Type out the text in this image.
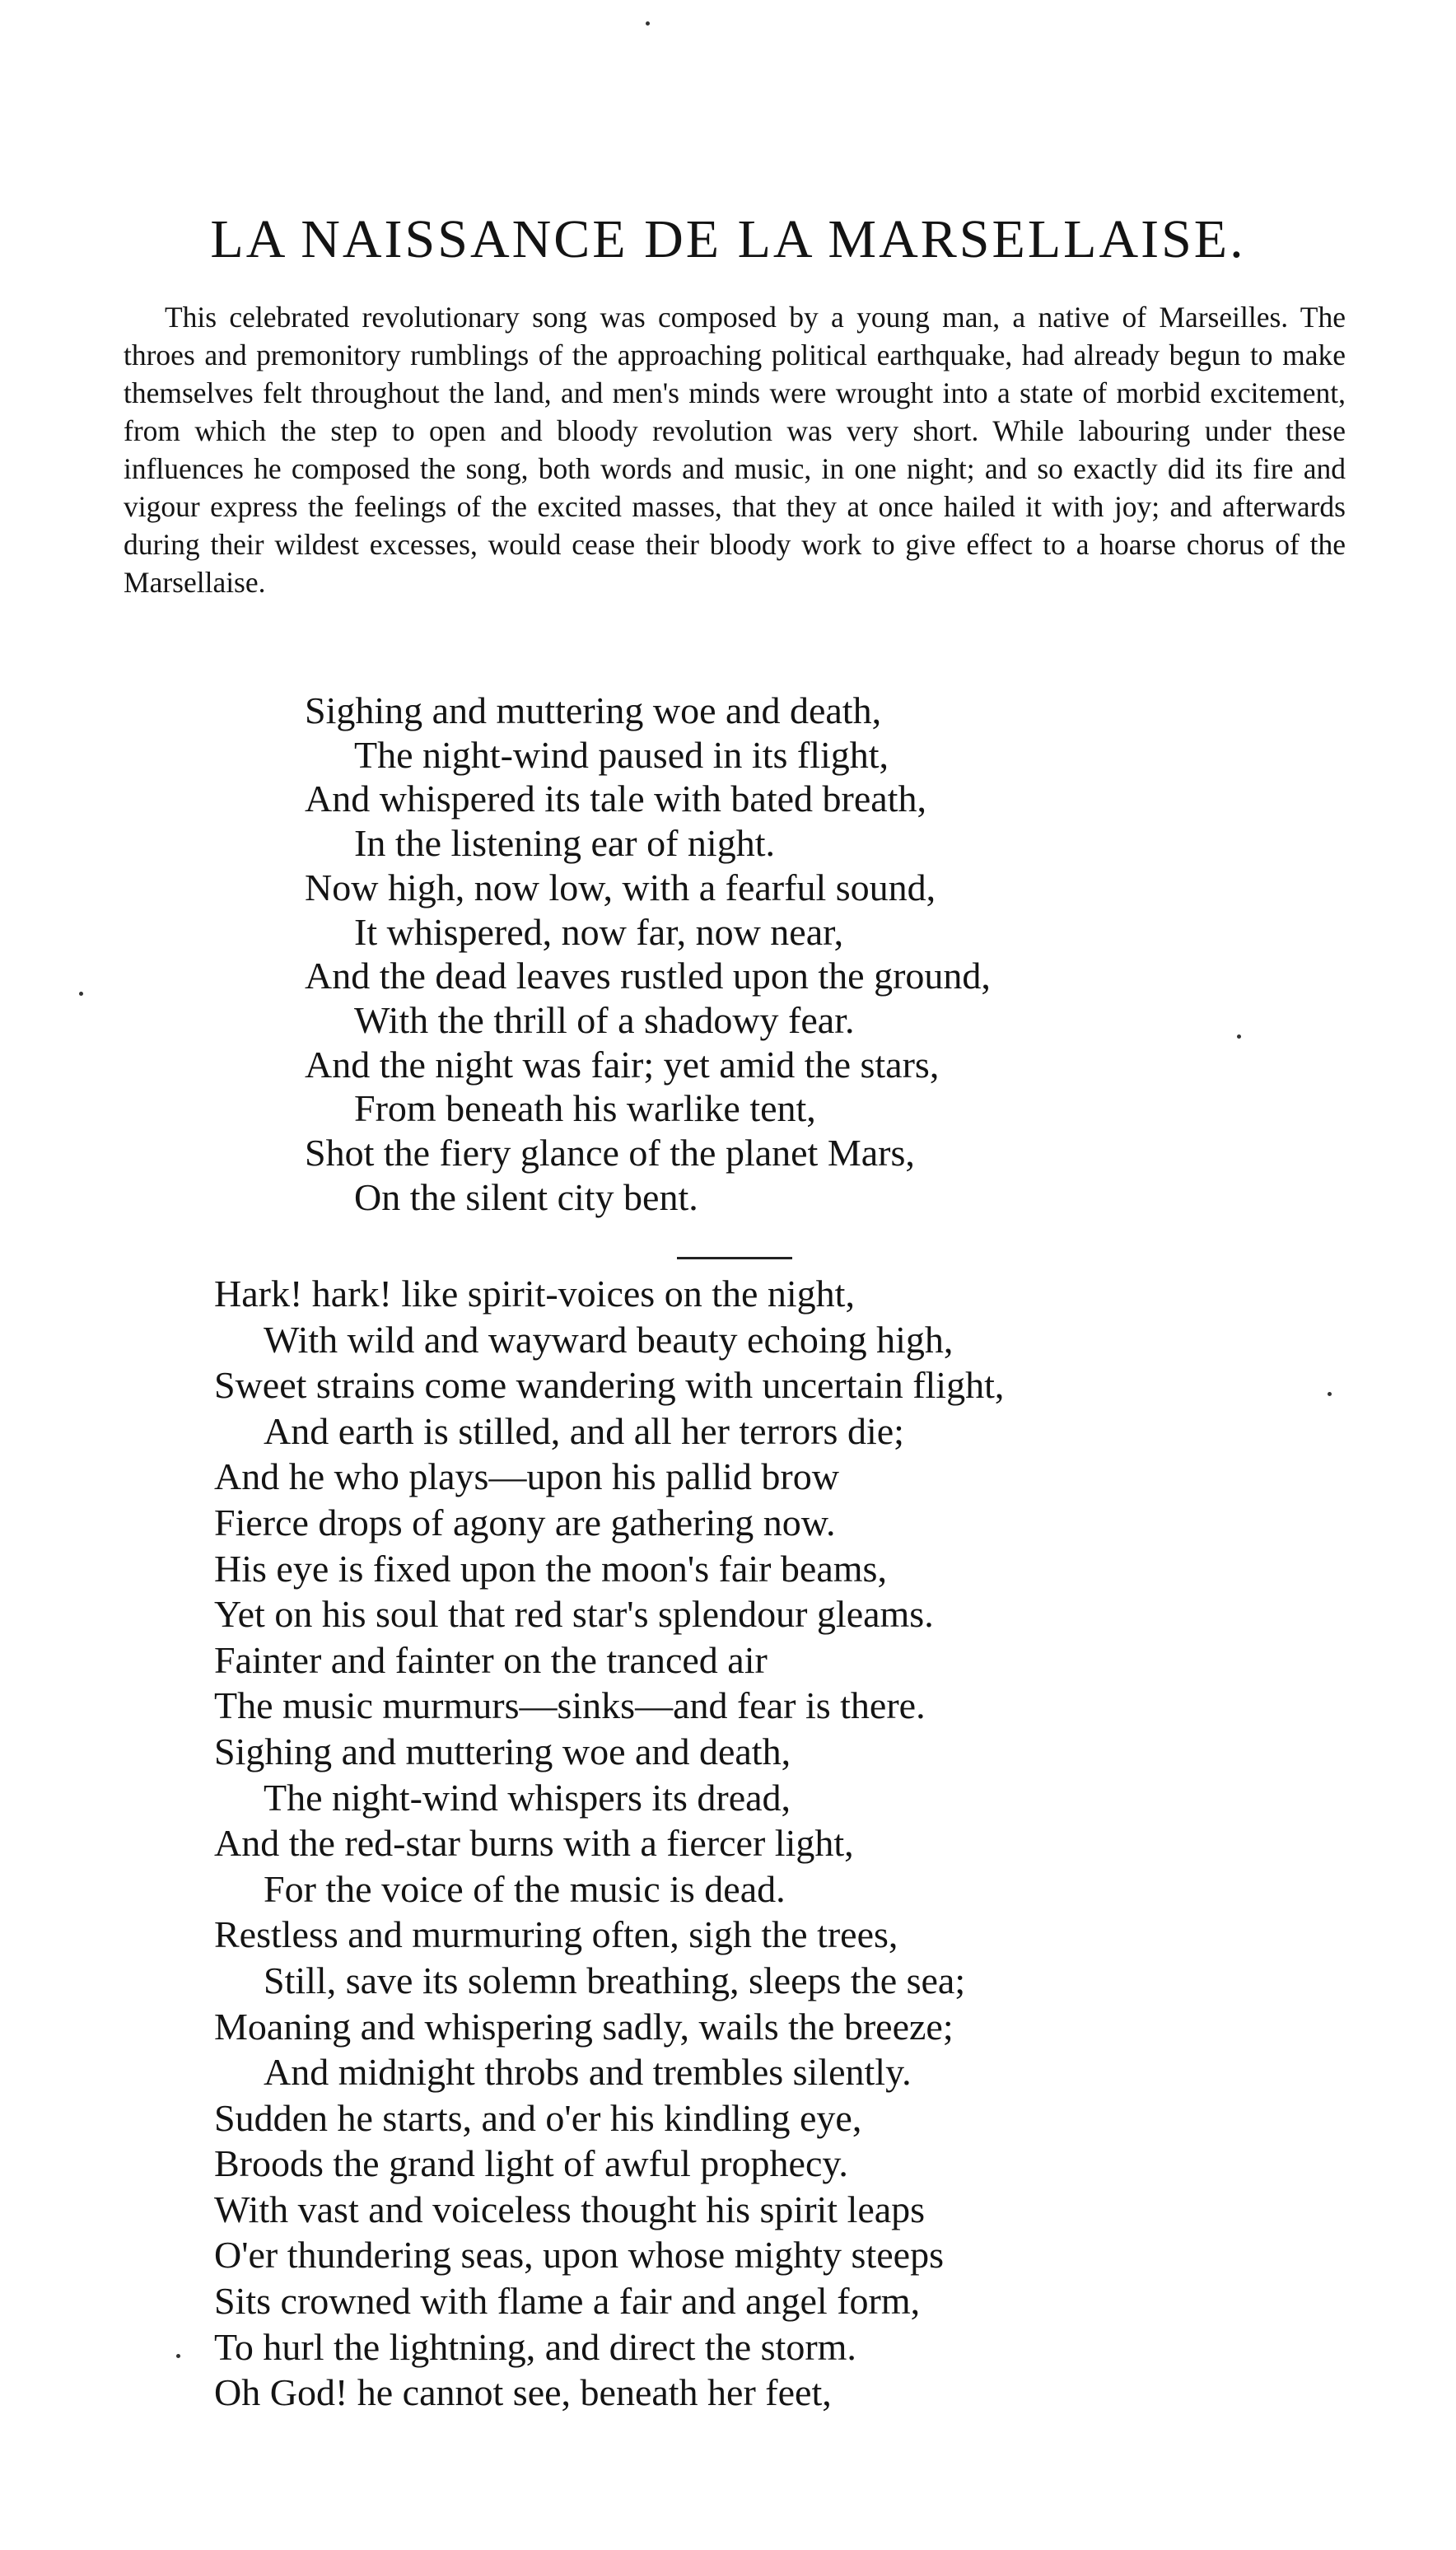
LA NAISSANCE DE LA MARSELLAISE.

This celebrated revolutionary song was composed by a young man, a native of Marseilles. The throes and premonitory rumblings of the approaching political earthquake, had already begun to make themselves felt throughout the land, and men's minds were wrought into a state of morbid excitement, from which the step to open and bloody revolution was very short. While labouring under these influences he composed the song, both words and music, in one night; and so exactly did its fire and vigour express the feelings of the excited masses, that they at once hailed it with joy; and afterwards during their wildest excesses, would cease their bloody work to give effect to a hoarse chorus of the Marsellaise.

Sighing and muttering woe and death,
The night-wind paused in its flight,
And whispered its tale with bated breath,
In the listening ear of night.
Now high, now low, with a fearful sound,
It whispered, now far, now near,
And the dead leaves rustled upon the ground,
With the thrill of a shadowy fear.
And the night was fair; yet amid the stars,
From beneath his warlike tent,
Shot the fiery glance of the planet Mars,
On the silent city bent.
Hark! hark! like spirit-voices on the night,
With wild and wayward beauty echoing high,
Sweet strains come wandering with uncertain flight,
And earth is stilled, and all her terrors die;
And he who plays—upon his pallid brow
Fierce drops of agony are gathering now.
His eye is fixed upon the moon's fair beams,
Yet on his soul that red star's splendour gleams.
Fainter and fainter on the tranced air
The music murmurs—sinks—and fear is there.
Sighing and muttering woe and death,
The night-wind whispers its dread,
And the red-star burns with a fiercer light,
For the voice of the music is dead.
Restless and murmuring often, sigh the trees,
Still, save its solemn breathing, sleeps the sea;
Moaning and whispering sadly, wails the breeze;
And midnight throbs and trembles silently.
Sudden he starts, and o'er his kindling eye,
Broods the grand light of awful prophecy.
With vast and voiceless thought his spirit leaps
O'er thundering seas, upon whose mighty steeps
Sits crowned with flame a fair and angel form,
To hurl the lightning, and direct the storm.
Oh God! he cannot see, beneath her feet,
